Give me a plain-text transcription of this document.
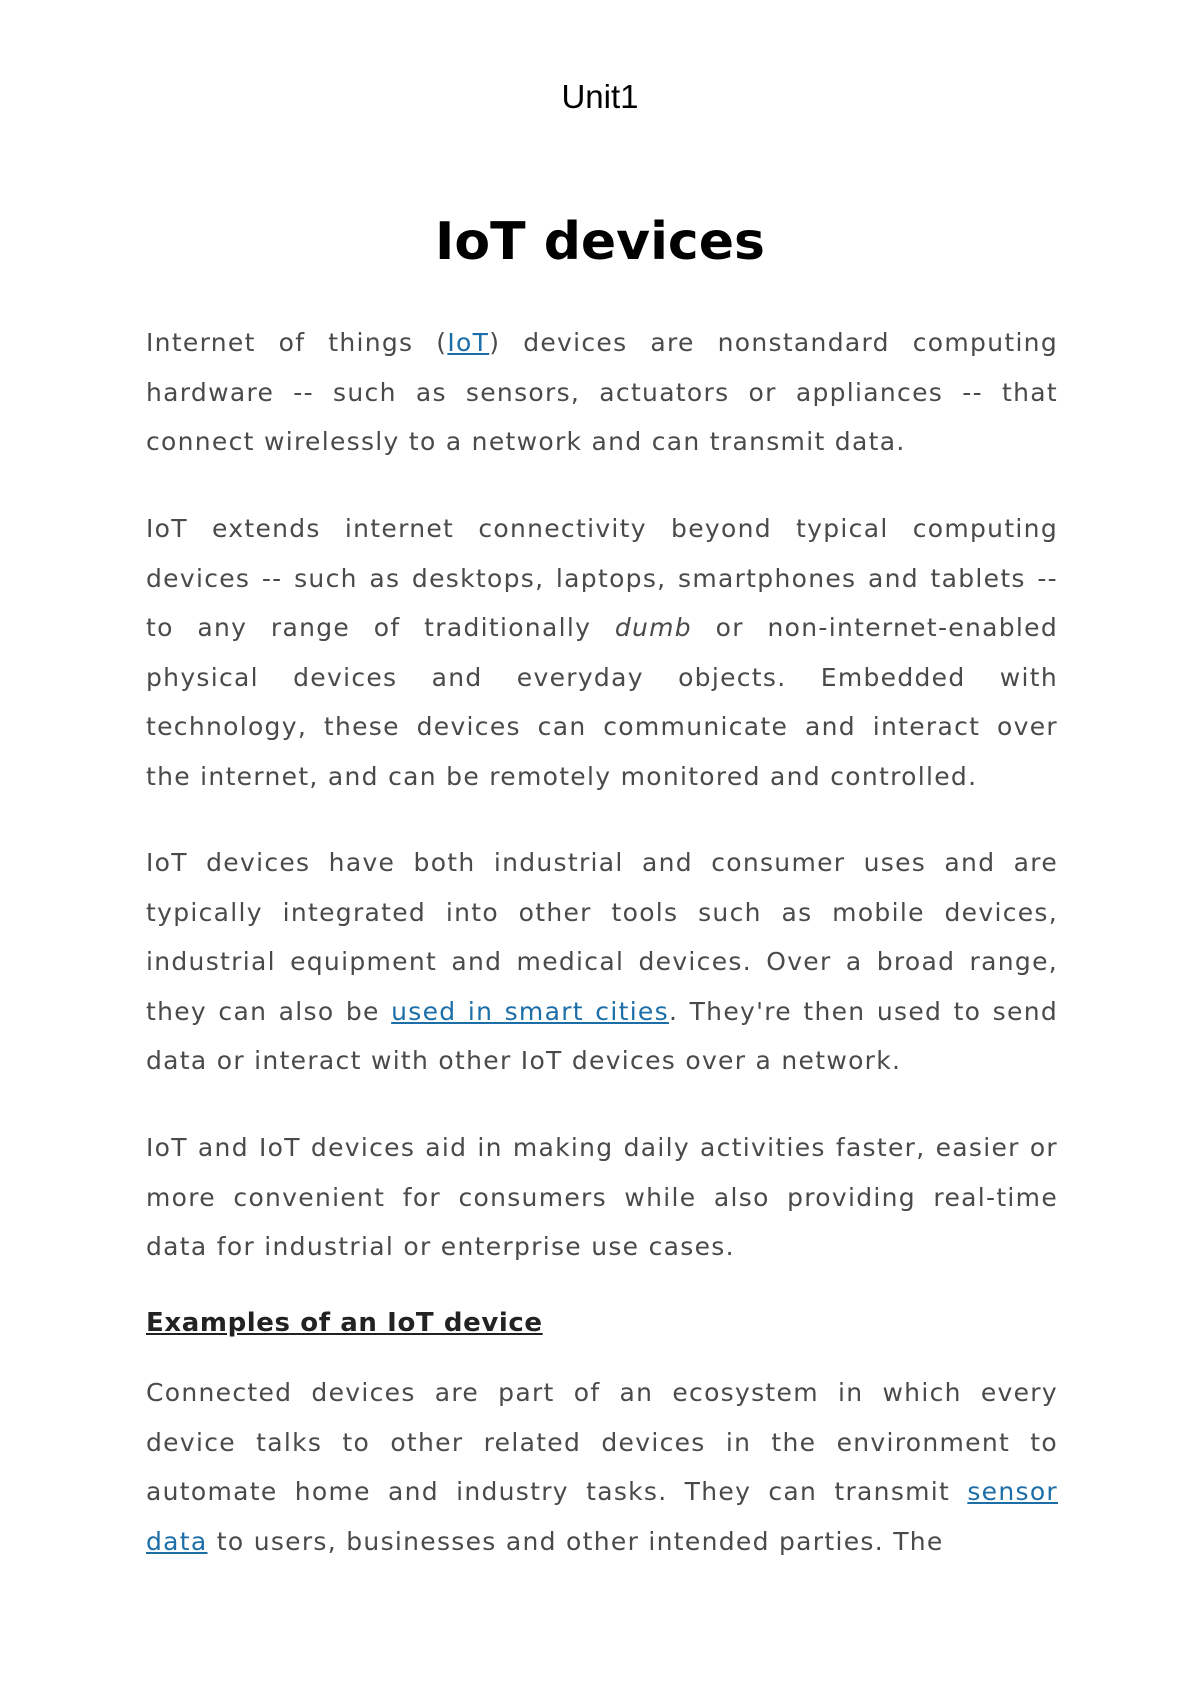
Unit1
IoT devices

Internet of things (IoT) devices are nonstandard computing hardware -- such as sensors, actuators or appliances -- that connect wirelessly to a network and can transmit data.

IoT extends internet connectivity beyond typical computing devices -- such as desktops, laptops, smartphones and tablets -- to any range of traditionally dumb or non-internet-enabled physical devices and everyday objects. Embedded with technology, these devices can communicate and interact over the internet, and can be remotely monitored and controlled.

IoT devices have both industrial and consumer uses and are typically integrated into other tools such as mobile devices, industrial equipment and medical devices. Over a broad range, they can also be used in smart cities. They're then used to send data or interact with other IoT devices over a network.

IoT and IoT devices aid in making daily activities faster, easier or more convenient for consumers while also providing real-time data for industrial or enterprise use cases.

Examples of an IoT device

Connected devices are part of an ecosystem in which every device talks to other related devices in the environment to automate home and industry tasks. They can transmit sensor data to users, businesses and other intended parties. The
